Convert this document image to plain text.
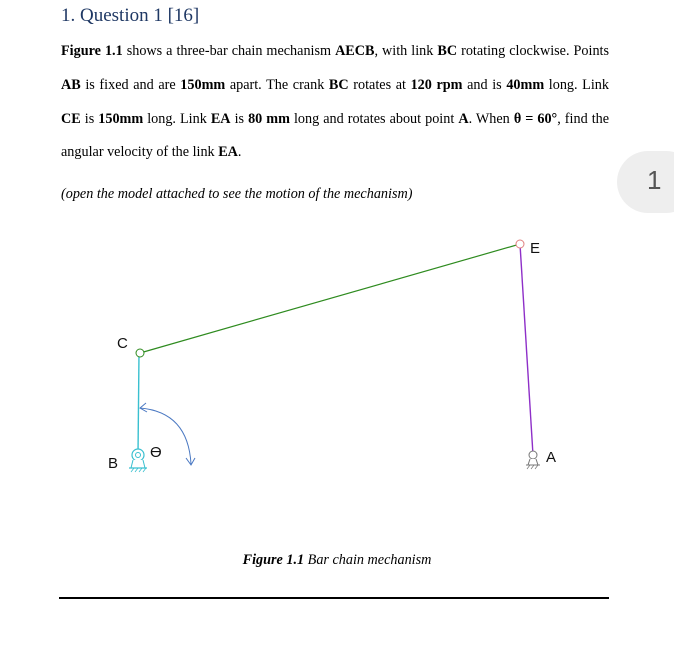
1. Question 1 [16]
Figure 1.1 shows a three-bar chain mechanism AECB, with link BC rotating clockwise. Points AB is fixed and are 150mm apart. The crank BC rotates at 120 rpm and is 40mm long. Link CE is 150mm long. Link EA is 80 mm long and rotates about point A. When θ = 60°, find the angular velocity of the link EA.
(open the model attached to see the motion of the mechanism)	1
C
B
E
A
ϴ
Figure 1.1 Bar chain mechanism
